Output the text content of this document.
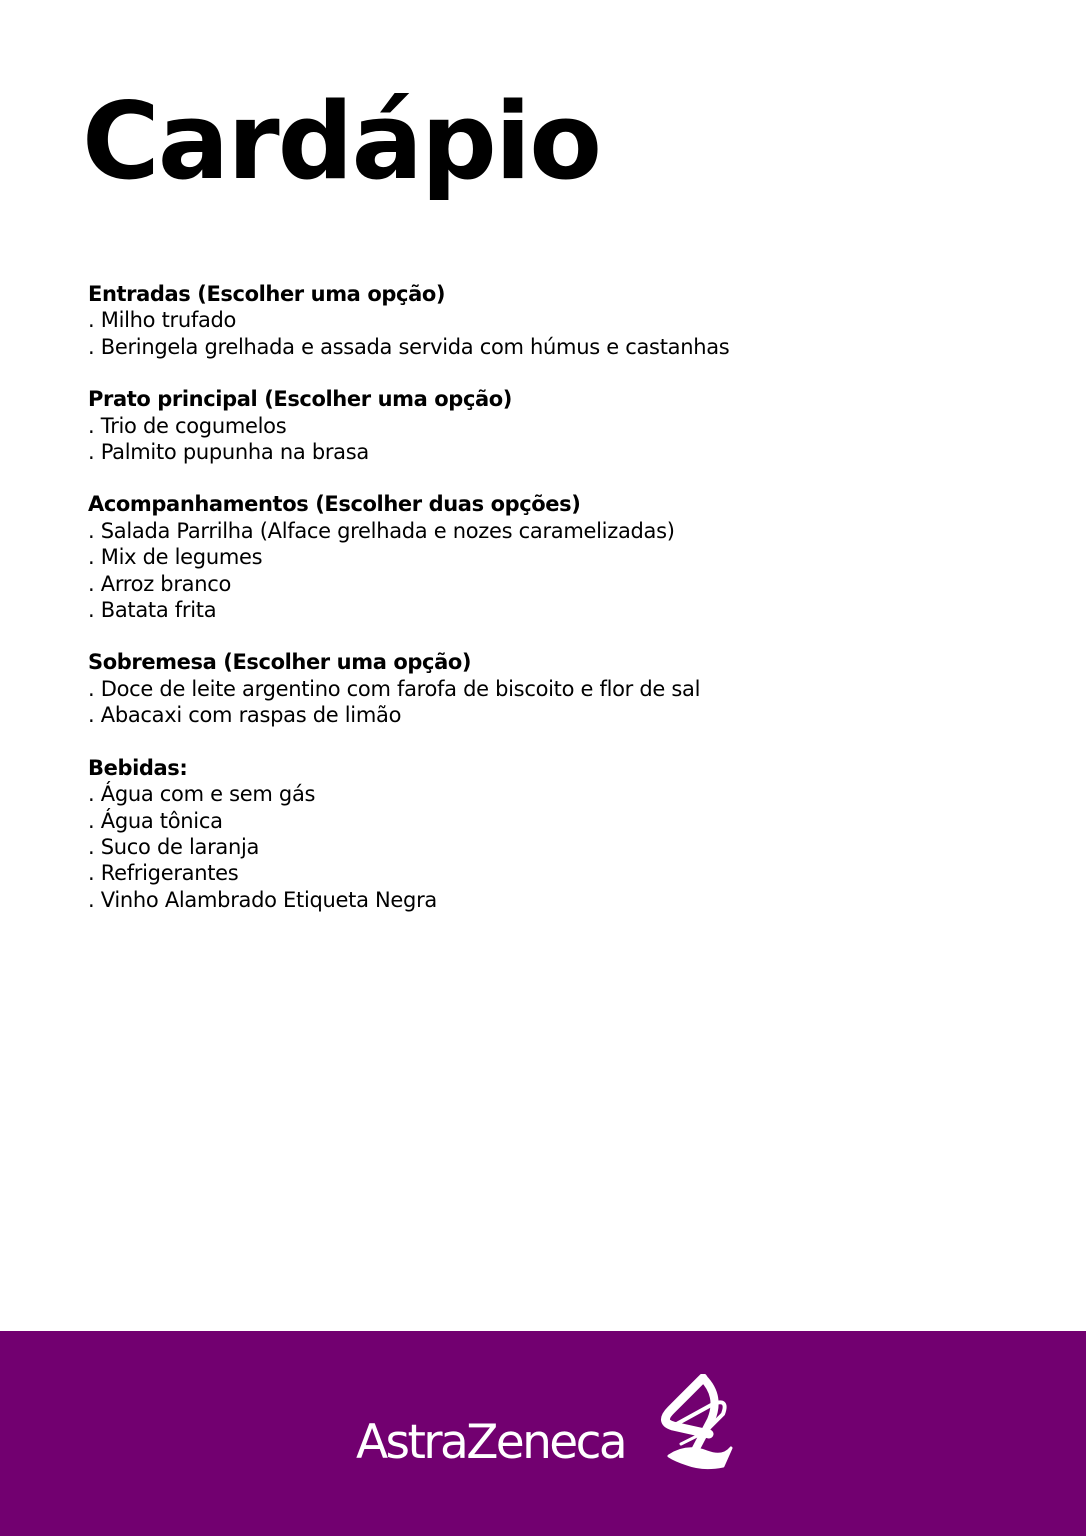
Cardápio

Entradas (Escolher uma opção)

. Milho trufado

. Beringela grelhada e assada servida com húmus e castanhas

Prato principal (Escolher uma opção)

. Trio de cogumelos

. Palmito pupunha na brasa

Acompanhamentos (Escolher duas opções)

. Salada Parrilha (Alface grelhada e nozes caramelizadas)

. Mix de legumes

. Arroz branco

. Batata frita

Sobremesa (Escolher uma opção)

. Doce de leite argentino com farofa de biscoito e flor de sal

. Abacaxi com raspas de limão

Bebidas:

. Água com e sem gás

. Água tônica

. Suco de laranja

. Refrigerantes

. Vinho Alambrado Etiqueta Negra

AstraZeneca
